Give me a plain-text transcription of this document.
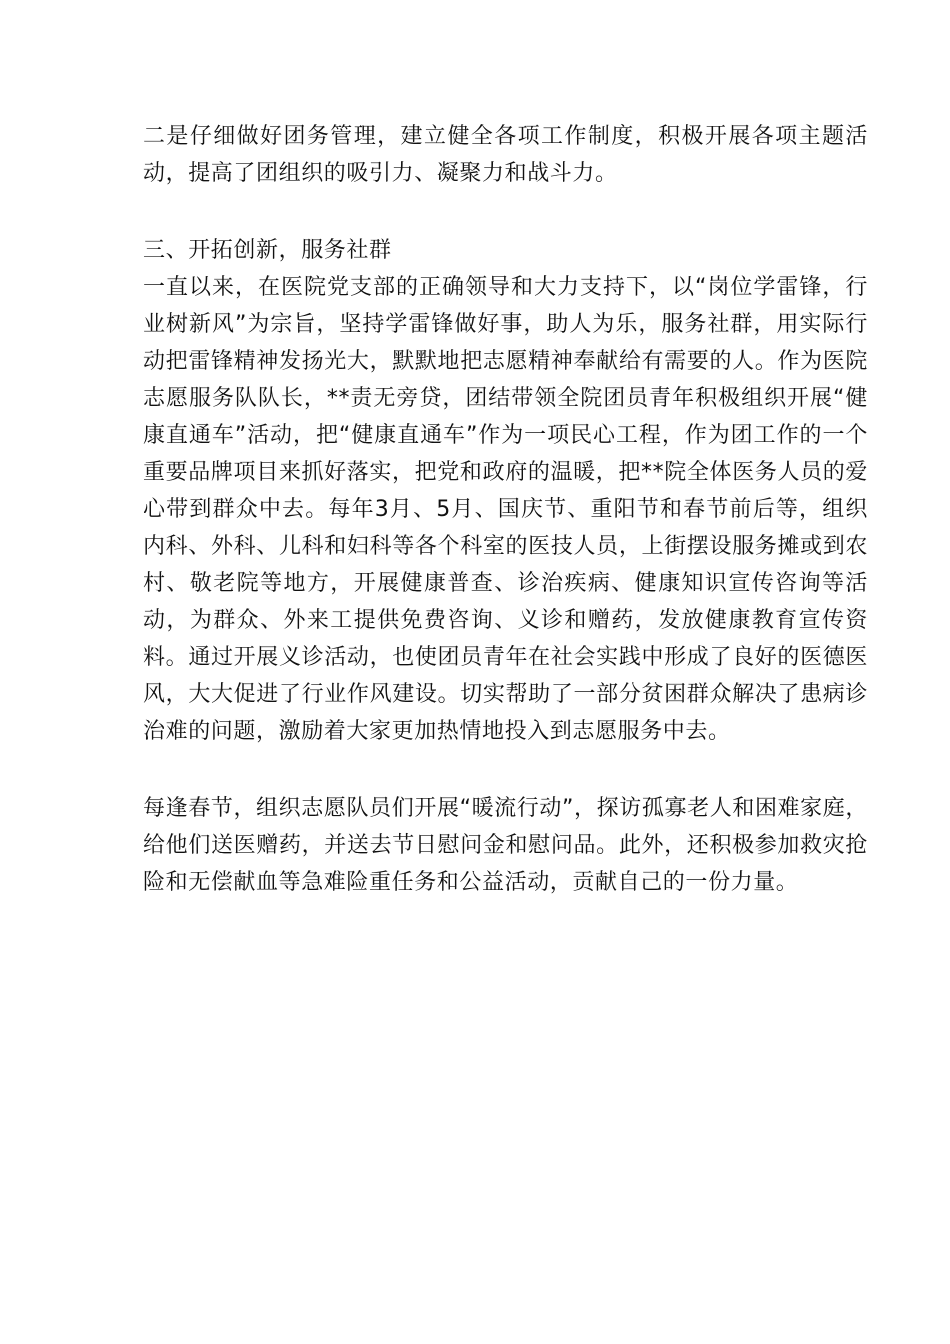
二是仔细做好团务管理，建立健全各项工作制度，积极开展各项主题活动，提高了团组织的吸引力、凝聚力和战斗力。

三、开拓创新，服务社群

一直以来，在医院党支部的正确领导和大力支持下，以“岗位学雷锋，行业树新风”为宗旨，坚持学雷锋做好事，助人为乐，服务社群，用实际行动把雷锋精神发扬光大，默默地把志愿精神奉献给有需要的人。作为医院志愿服务队队长，**责无旁贷，团结带领全院团员青年积极组织开展“健康直通车”活动，把“健康直通车”作为一项民心工程，作为团工作的一个重要品牌项目来抓好落实，把党和政府的温暖，把**院全体医务人员的爱心带到群众中去。每年3月、5月、国庆节、重阳节和春节前后等，组织内科、外科、儿科和妇科等各个科室的医技人员，上街摆设服务摊或到农村、敬老院等地方，开展健康普查、诊治疾病、健康知识宣传咨询等活动，为群众、外来工提供免费咨询、义诊和赠药，发放健康教育宣传资料。通过开展义诊活动，也使团员青年在社会实践中形成了良好的医德医风，大大促进了行业作风建设。切实帮助了一部分贫困群众解决了患病诊治难的问题，激励着大家更加热情地投入到志愿服务中去。

每逢春节，组织志愿队员们开展“暖流行动”，探访孤寡老人和困难家庭，给他们送医赠药，并送去节日慰问金和慰问品。此外，还积极参加救灾抢险和无偿献血等急难险重任务和公益活动，贡献自己的一份力量。
